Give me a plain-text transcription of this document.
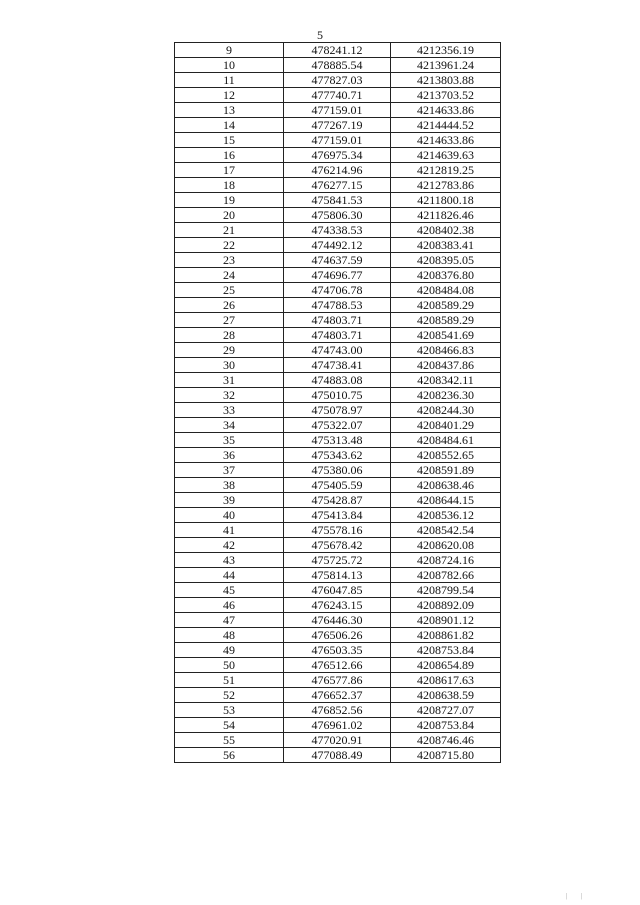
5
9	478241.12	4212356.19
10	478885.54	4213961.24
11	477827.03	4213803.88
12	477740.71	4213703.52
13	477159.01	4214633.86
14	477267.19	4214444.52
15	477159.01	4214633.86
16	476975.34	4214639.63
17	476214.96	4212819.25
18	476277.15	4212783.86
19	475841.53	4211800.18
20	475806.30	4211826.46
21	474338.53	4208402.38
22	474492.12	4208383.41
23	474637.59	4208395.05
24	474696.77	4208376.80
25	474706.78	4208484.08
26	474788.53	4208589.29
27	474803.71	4208589.29
28	474803.71	4208541.69
29	474743.00	4208466.83
30	474738.41	4208437.86
31	474883.08	4208342.11
32	475010.75	4208236.30
33	475078.97	4208244.30
34	475322.07	4208401.29
35	475313.48	4208484.61
36	475343.62	4208552.65
37	475380.06	4208591.89
38	475405.59	4208638.46
39	475428.87	4208644.15
40	475413.84	4208536.12
41	475578.16	4208542.54
42	475678.42	4208620.08
43	475725.72	4208724.16
44	475814.13	4208782.66
45	476047.85	4208799.54
46	476243.15	4208892.09
47	476446.30	4208901.12
48	476506.26	4208861.82
49	476503.35	4208753.84
50	476512.66	4208654.89
51	476577.86	4208617.63
52	476652.37	4208638.59
53	476852.56	4208727.07
54	476961.02	4208753.84
55	477020.91	4208746.46
56	477088.49	4208715.80
| |
